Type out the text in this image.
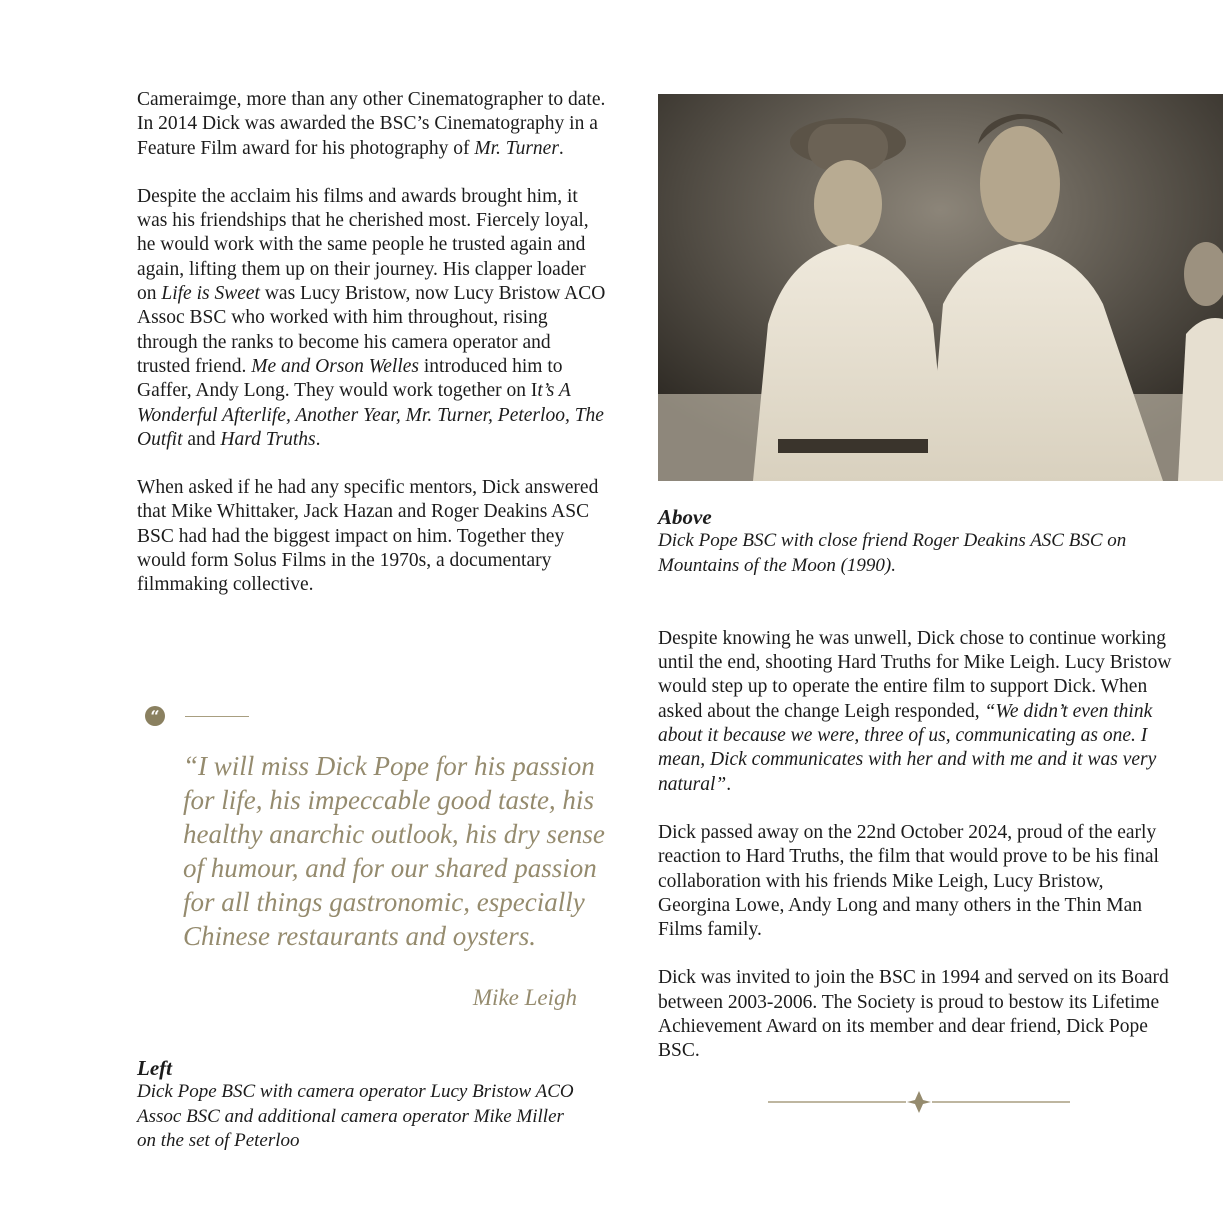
Cameraimge, more than any other Cinematographer to date. In 2014 Dick was awarded the BSC’s Cinematography in a Feature Film award for his photography of Mr. Turner.

Despite the acclaim his films and awards brought him, it was his friendships that he cherished most. Fiercely loyal, he would work with the same people he trusted again and again, lifting them up on their journey. His clapper loader on Life is Sweet was Lucy Bristow, now Lucy Bristow ACO Assoc BSC who worked with him throughout, rising through the ranks to become his camera operator and trusted friend. Me and Orson Welles introduced him to Gaffer, Andy Long. They would work together on It’s A Wonderful Afterlife, Another Year, Mr. Turner, Peterloo, The Outfit and Hard Truths.

When asked if he had any specific mentors, Dick answered that Mike Whittaker, Jack Hazan and Roger Deakins ASC BSC had had the biggest impact on him. Together they would form Solus Films in the 1970s, a documentary filmmaking collective.

“
“I will miss Dick Pope for his passion for life, his impeccable good taste, his healthy anarchic outlook, his dry sense of humour, and for our shared passion for all things gastronomic, especially Chinese restaurants and oysters.
Mike Leigh
Left
Dick Pope BSC with camera operator Lucy Bristow ACO Assoc BSC and additional camera operator Mike Miller on the set of Peterloo
Above
Dick Pope BSC with close friend Roger Deakins ASC BSC on Mountains of the Moon (1990).

Despite knowing he was unwell, Dick chose to continue working until the end, shooting Hard Truths for Mike Leigh. Lucy Bristow would step up to operate the entire film to support Dick. When asked about the change Leigh responded, “We didn’t even think about it because we were, three of us, communicating as one. I mean, Dick communicates with her and with me and it was very natural”.

Dick passed away on the 22nd October 2024, proud of the early reaction to Hard Truths, the film that would prove to be his final collaboration with his friends Mike Leigh, Lucy Bristow, Georgina Lowe, Andy Long and many others in the Thin Man Films family.

Dick was invited to join the BSC in 1994 and served on its Board between 2003-2006. The Society is proud to bestow its Lifetime Achievement Award on its member and dear friend, Dick Pope BSC.
